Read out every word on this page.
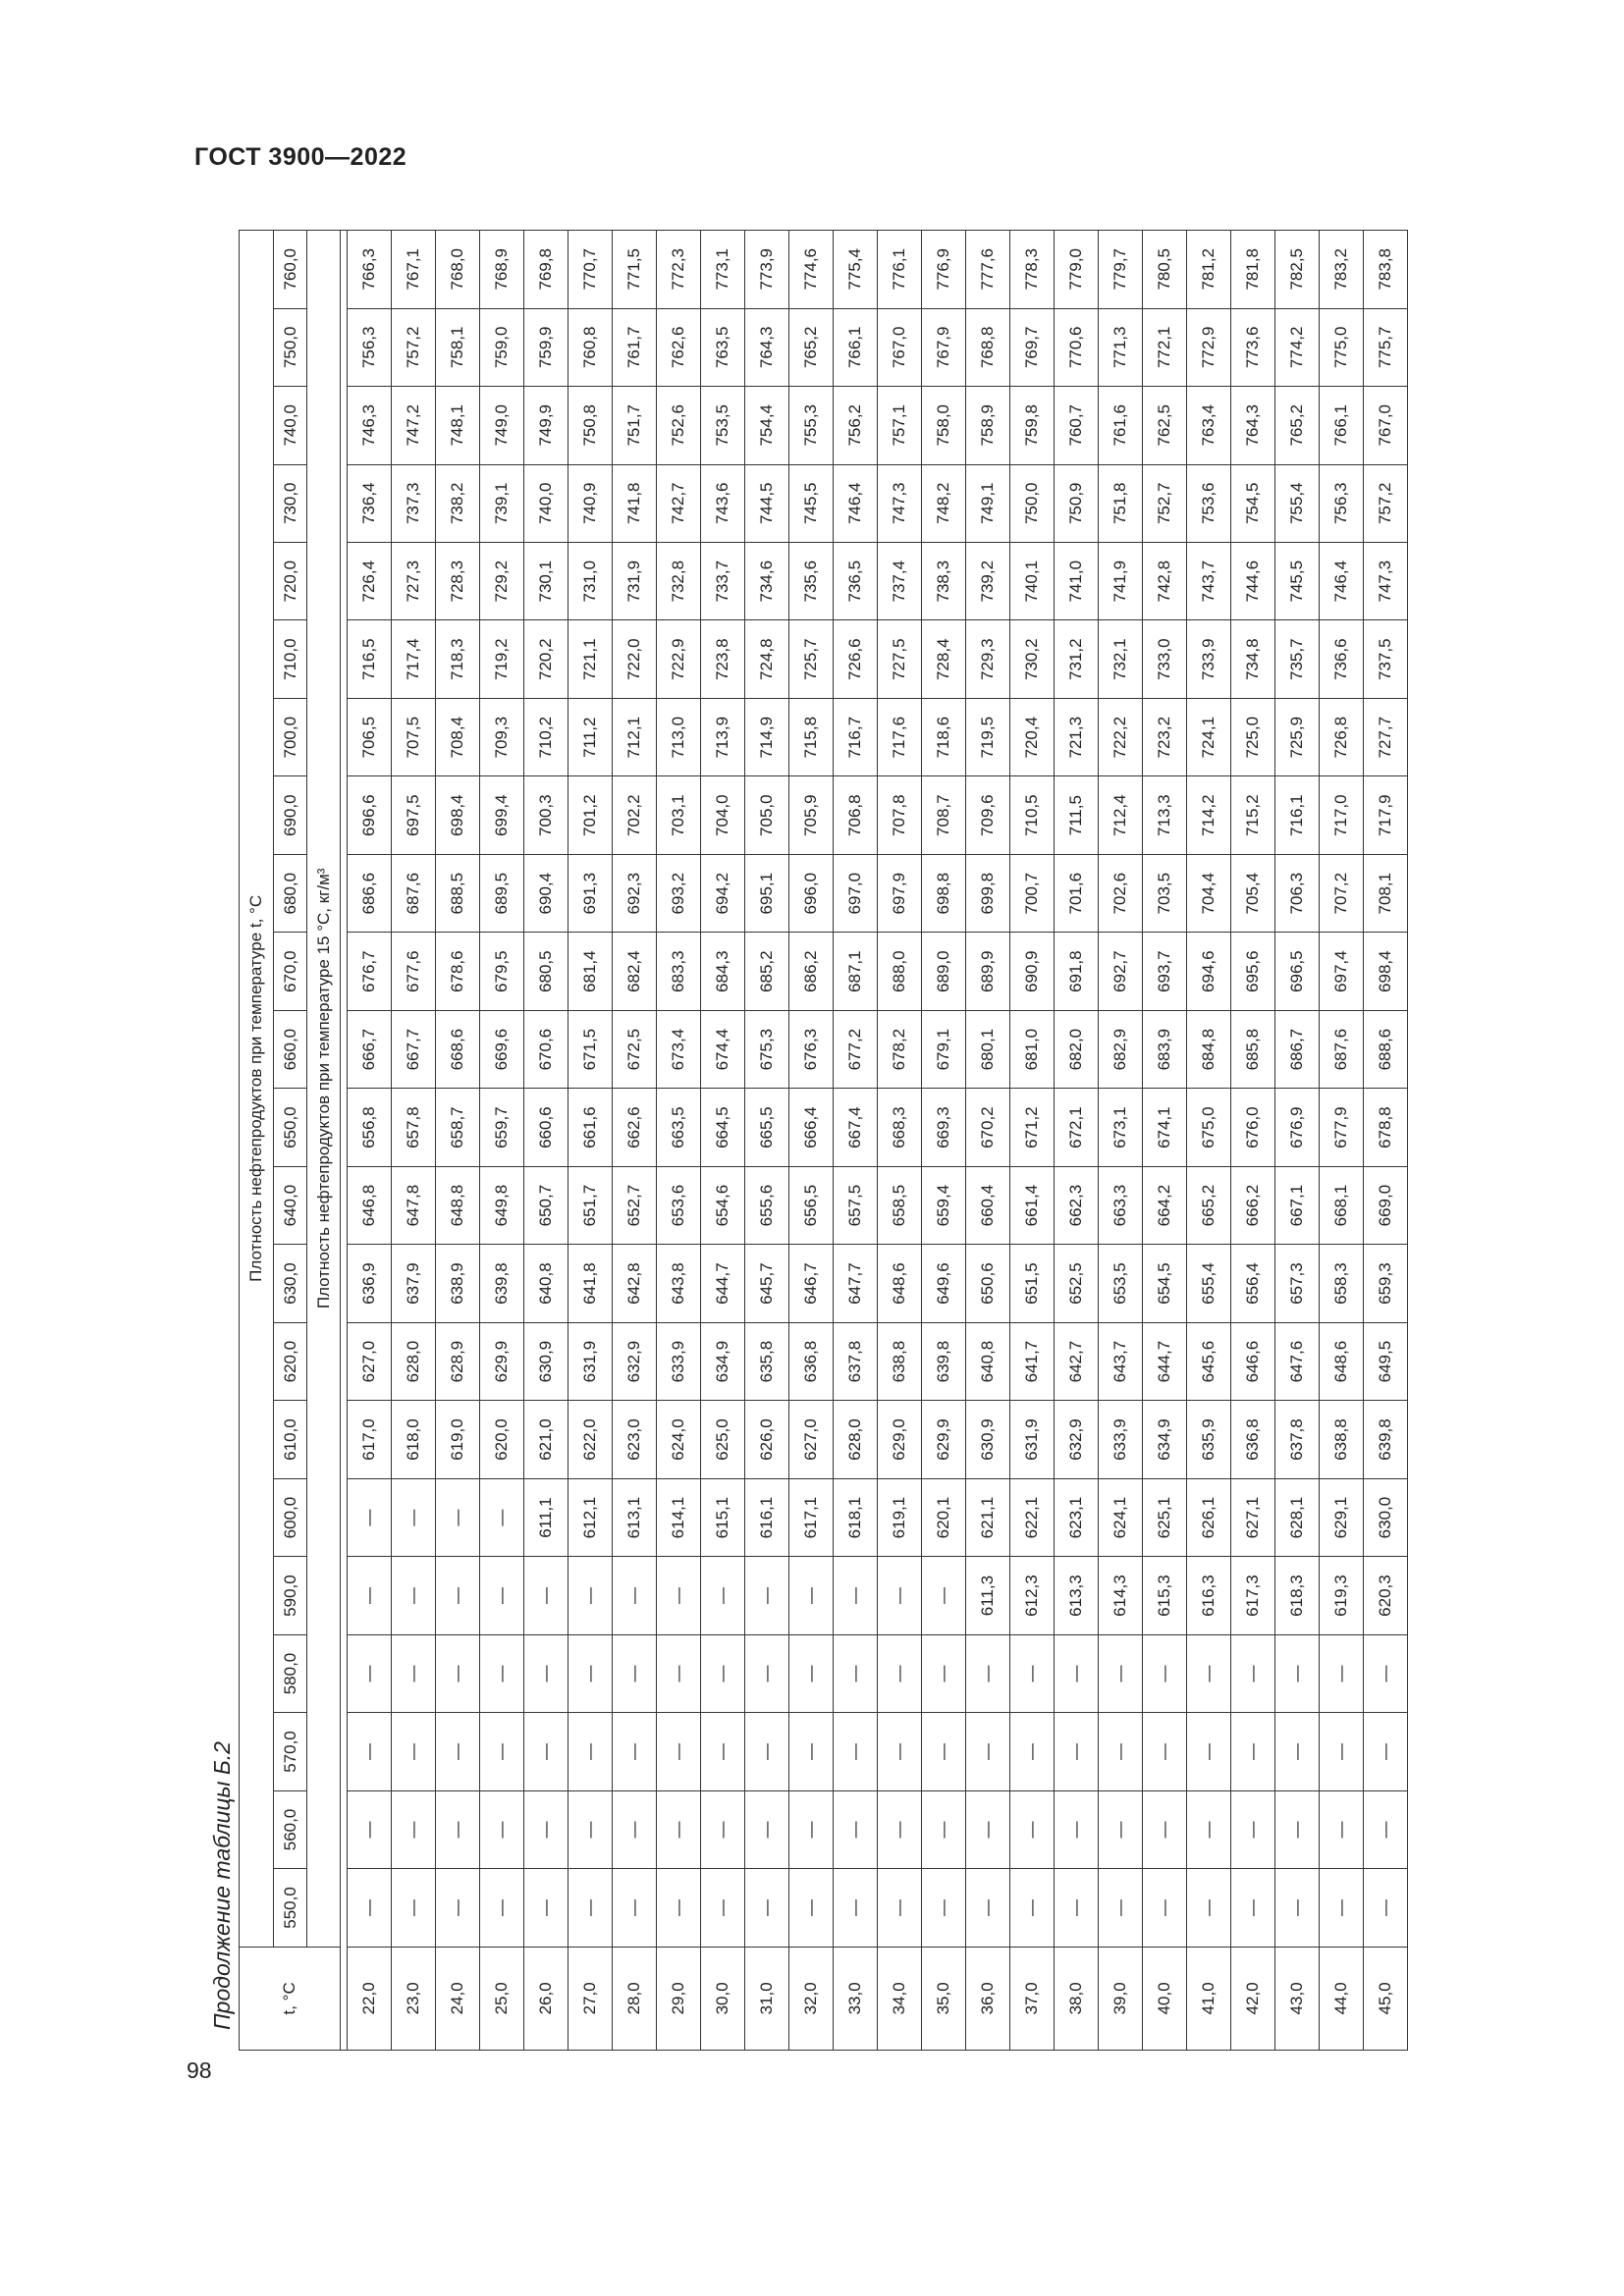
ГОСТ 3900—2022
98
Продолжение таблицы Б.2	t, °C	Плотность нефтепродуктов при температуре t, °C																					
	550,0	560,0	570,0	580,0	590,0	600,0	610,0	620,0	630,0	640,0	650,0	660,0	670,0	680,0	690,0	700,0	710,0	720,0	730,0	740,0	750,0	760,0
	Плотность нефтепродуктов при температуре 15 °C, кг/м³																					

22,0	—	—	—	—	—	—	617,0	627,0	636,9	646,8	656,8	666,7	676,7	686,6	696,6	706,5	716,5	726,4	736,4	746,3	756,3	766,3
23,0	—	—	—	—	—	—	618,0	628,0	637,9	647,8	657,8	667,7	677,6	687,6	697,5	707,5	717,4	727,3	737,3	747,2	757,2	767,1
24,0	—	—	—	—	—	—	619,0	628,9	638,9	648,8	658,7	668,6	678,6	688,5	698,4	708,4	718,3	728,3	738,2	748,1	758,1	768,0
25,0	—	—	—	—	—	—	620,0	629,9	639,8	649,8	659,7	669,6	679,5	689,5	699,4	709,3	719,2	729,2	739,1	749,0	759,0	768,9
26,0	—	—	—	—	—	611,1	621,0	630,9	640,8	650,7	660,6	670,6	680,5	690,4	700,3	710,2	720,2	730,1	740,0	749,9	759,9	769,8
27,0	—	—	—	—	—	612,1	622,0	631,9	641,8	651,7	661,6	671,5	681,4	691,3	701,2	711,2	721,1	731,0	740,9	750,8	760,8	770,7
28,0	—	—	—	—	—	613,1	623,0	632,9	642,8	652,7	662,6	672,5	682,4	692,3	702,2	712,1	722,0	731,9	741,8	751,7	761,7	771,5
29,0	—	—	—	—	—	614,1	624,0	633,9	643,8	653,6	663,5	673,4	683,3	693,2	703,1	713,0	722,9	732,8	742,7	752,6	762,6	772,3
30,0	—	—	—	—	—	615,1	625,0	634,9	644,7	654,6	664,5	674,4	684,3	694,2	704,0	713,9	723,8	733,7	743,6	753,5	763,5	773,1
31,0	—	—	—	—	—	616,1	626,0	635,8	645,7	655,6	665,5	675,3	685,2	695,1	705,0	714,9	724,8	734,6	744,5	754,4	764,3	773,9
32,0	—	—	—	—	—	617,1	627,0	636,8	646,7	656,5	666,4	676,3	686,2	696,0	705,9	715,8	725,7	735,6	745,5	755,3	765,2	774,6
33,0	—	—	—	—	—	618,1	628,0	637,8	647,7	657,5	667,4	677,2	687,1	697,0	706,8	716,7	726,6	736,5	746,4	756,2	766,1	775,4
34,0	—	—	—	—	—	619,1	629,0	638,8	648,6	658,5	668,3	678,2	688,0	697,9	707,8	717,6	727,5	737,4	747,3	757,1	767,0	776,1
35,0	—	—	—	—	—	620,1	629,9	639,8	649,6	659,4	669,3	679,1	689,0	698,8	708,7	718,6	728,4	738,3	748,2	758,0	767,9	776,9
36,0	—	—	—	—	611,3	621,1	630,9	640,8	650,6	660,4	670,2	680,1	689,9	699,8	709,6	719,5	729,3	739,2	749,1	758,9	768,8	777,6
37,0	—	—	—	—	612,3	622,1	631,9	641,7	651,5	661,4	671,2	681,0	690,9	700,7	710,5	720,4	730,2	740,1	750,0	759,8	769,7	778,3
38,0	—	—	—	—	613,3	623,1	632,9	642,7	652,5	662,3	672,1	682,0	691,8	701,6	711,5	721,3	731,2	741,0	750,9	760,7	770,6	779,0
39,0	—	—	—	—	614,3	624,1	633,9	643,7	653,5	663,3	673,1	682,9	692,7	702,6	712,4	722,2	732,1	741,9	751,8	761,6	771,3	779,7
40,0	—	—	—	—	615,3	625,1	634,9	644,7	654,5	664,2	674,1	683,9	693,7	703,5	713,3	723,2	733,0	742,8	752,7	762,5	772,1	780,5
41,0	—	—	—	—	616,3	626,1	635,9	645,6	655,4	665,2	675,0	684,8	694,6	704,4	714,2	724,1	733,9	743,7	753,6	763,4	772,9	781,2
42,0	—	—	—	—	617,3	627,1	636,8	646,6	656,4	666,2	676,0	685,8	695,6	705,4	715,2	725,0	734,8	744,6	754,5	764,3	773,6	781,8
43,0	—	—	—	—	618,3	628,1	637,8	647,6	657,3	667,1	676,9	686,7	696,5	706,3	716,1	725,9	735,7	745,5	755,4	765,2	774,2	782,5
44,0	—	—	—	—	619,3	629,1	638,8	648,6	658,3	668,1	677,9	687,6	697,4	707,2	717,0	726,8	736,6	746,4	756,3	766,1	775,0	783,2
45,0	—	—	—	—	620,3	630,0	639,8	649,5	659,3	669,0	678,8	688,6	698,4	708,1	717,9	727,7	737,5	747,3	757,2	767,0	775,7	783,8
